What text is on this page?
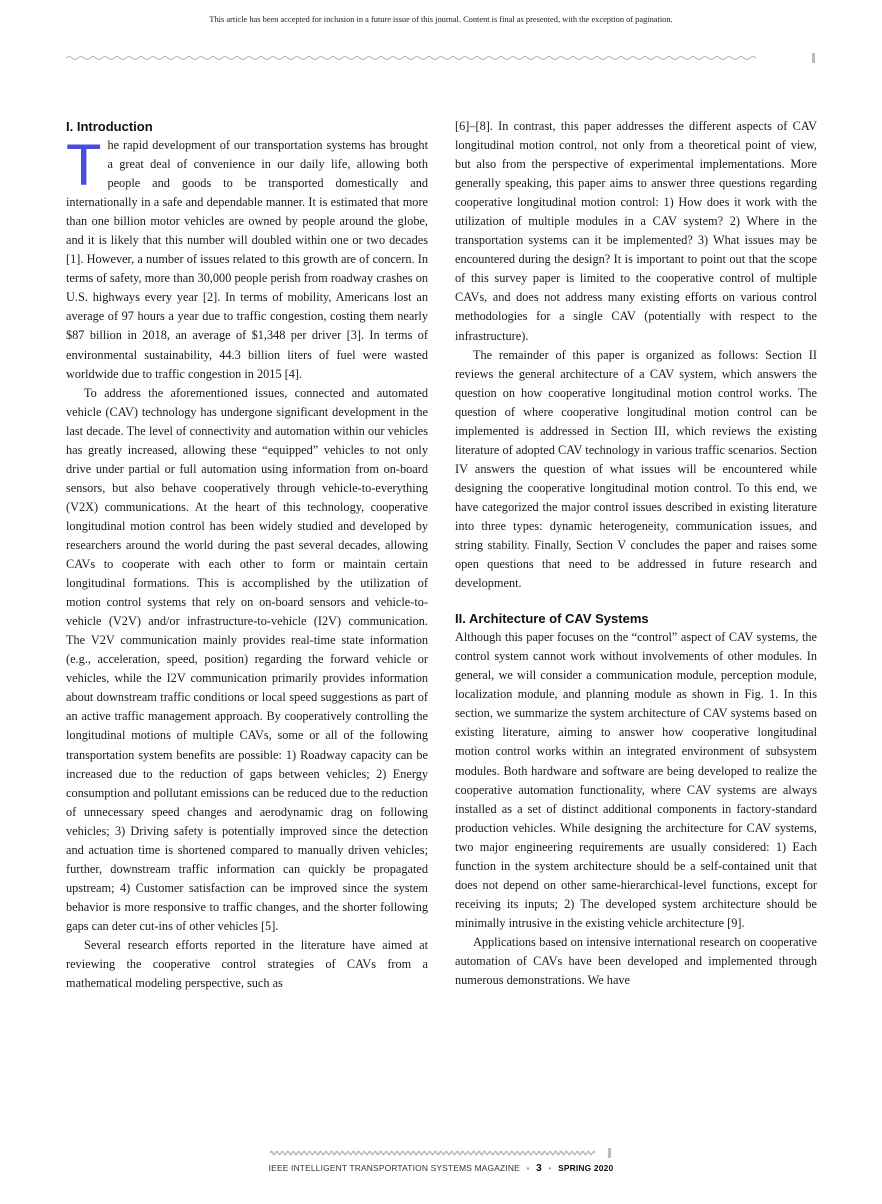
This article has been accepted for inclusion in a future issue of this journal. Content is final as presented, with the exception of pagination.
I. Introduction

The rapid development of our transportation systems has brought a great deal of convenience in our daily life, allowing both people and goods to be transported domestically and internationally in a safe and dependable manner. It is estimated that more than one billion motor vehicles are owned by people around the globe, and it is likely that this number will doubled within one or two decades [1]. However, a number of issues related to this growth are of concern. In terms of safety, more than 30,000 people perish from roadway crashes on U.S. highways every year [2]. In terms of mobility, Americans lost an average of 97 hours a year due to traffic congestion, costing them nearly $87 billion in 2018, an average of $1,348 per driver [3]. In terms of environmental sustainability, 44.3 billion liters of fuel were wasted worldwide due to traffic congestion in 2015 [4].

To address the aforementioned issues, connected and automated vehicle (CAV) technology has undergone significant development in the last decade. The level of connectivity and automation within our vehicles has greatly increased, allowing these “equipped” vehicles to not only drive under partial or full automation using information from on-board sensors, but also behave cooperatively through vehicle-to-everything (V2X) communications. At the heart of this technology, cooperative longitudinal motion control has been widely studied and developed by researchers around the world during the past several decades, allowing CAVs to cooperate with each other to form or maintain certain longitudinal formations. This is accomplished by the utilization of motion control systems that rely on on-board sensors and vehicle-to-vehicle (V2V) and/or infrastructure-to-vehicle (I2V) communication. The V2V communication mainly provides real-time state information (e.g., acceleration, speed, position) regarding the forward vehicle or vehicles, while the I2V communication primarily provides information about downstream traffic conditions or local speed suggestions as part of an active traffic management approach. By cooperatively controlling the longitudinal motions of multiple CAVs, some or all of the following transportation system benefits are possible: 1) Roadway capacity can be increased due to the reduction of gaps between vehicles; 2) Energy consumption and pollutant emissions can be reduced due to the reduction of unnecessary speed changes and aerodynamic drag on following vehicles; 3) Driving safety is potentially improved since the detection and actuation time is shortened compared to manually driven vehicles; further, downstream traffic information can quickly be propagated upstream; 4) Customer satisfaction can be improved since the system behavior is more responsive to traffic changes, and the shorter following gaps can deter cut-ins of other vehicles [5].

Several research efforts reported in the literature have aimed at reviewing the cooperative control strategies of CAVs from a mathematical modeling perspective, such as

[6]–[8]. In contrast, this paper addresses the different aspects of CAV longitudinal motion control, not only from a theoretical point of view, but also from the perspective of experimental implementations. More generally speaking, this paper aims to answer three questions regarding cooperative longitudinal motion control: 1) How does it work with the utilization of multiple modules in a CAV system? 2) Where in the transportation systems can it be implemented? 3) What issues may be encountered during the design? It is important to point out that the scope of this survey paper is limited to the cooperative control of multiple CAVs, and does not address many existing efforts on various control methodologies for a single CAV (potentially with respect to the infrastructure).

The remainder of this paper is organized as follows: Section II reviews the general architecture of a CAV system, which answers the question on how cooperative longitudinal motion control works. The question of where cooperative longitudinal motion control can be implemented is addressed in Section III, which reviews the existing literature of adopted CAV technology in various traffic scenarios. Section IV answers the question of what issues will be encountered while designing the cooperative longitudinal motion control. To this end, we have categorized the major control issues described in existing literature into three types: dynamic heterogeneity, communication issues, and string stability. Finally, Section V concludes the paper and raises some open questions that need to be addressed in future research and development.

II. Architecture of CAV Systems

Although this paper focuses on the “control” aspect of CAV systems, the control system cannot work without involvements of other modules. In general, we will consider a communication module, perception module, localization module, and planning module as shown in Fig. 1. In this section, we summarize the system architecture of CAV systems based on existing literature, aiming to answer how cooperative longitudinal motion control works within an integrated environment of subsystem modules. Both hardware and software are being developed to realize the cooperative automation functionality, where CAV systems are always installed as a set of distinct additional components in factory-standard production vehicles. While designing the architecture for CAV systems, two major engineering requirements are usually considered: 1) Each function in the system architecture should be a self-contained unit that does not depend on other same-hierarchical-level functions, except for receiving its inputs; 2) The developed system architecture should be minimally intrusive in the existing vehicle architecture [9].

Applications based on intensive international research on cooperative automation of CAVs have been developed and implemented through numerous demonstrations. We have

IEEE INTELLIGENT TRANSPORTATION SYSTEMS MAGAZINE • 3 • SPRING 2020
